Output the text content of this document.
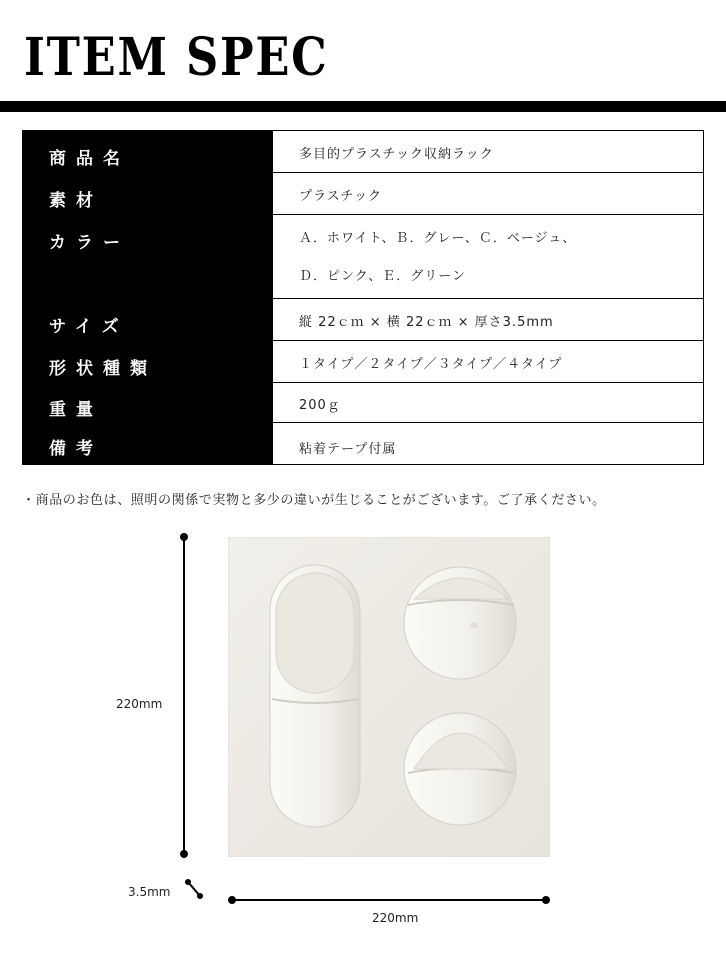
ITEM SPEC
商品名	多目的プラスチック収納ラック

素材	プラスチック

カラー	Ａ．ホワイト、Ｂ．グレー、Ｃ．ベージュ、
Ｄ．ピンク、Ｅ．グリーン

サイズ	縦 22ｃｍ × 横 22ｃｍ × 厚さ3.5mm

形状種類	１タイプ／２タイプ／３タイプ／４タイプ

重量	200ｇ

備考	粘着テープ付属
・商品のお色は、照明の関係で実物と多少の違いが生じることがございます。ご了承ください。
220mm
3.5mm
220mm
